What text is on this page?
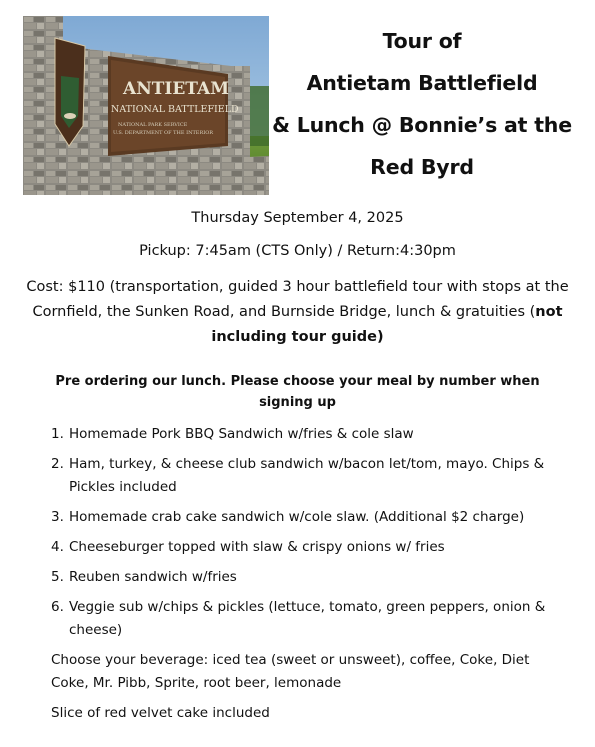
ANTIETAM
NATIONAL BATTLEFIELD
NATIONAL PARK SERVICE
U.S. DEPARTMENT OF THE INTERIOR
Tour of
Antietam Battlefield
& Lunch @ Bonnie’s at the
Red Byrd
Thursday September 4, 2025
Pickup: 7:45am (CTS Only) / Return:4:30pm
Cost: $110 (transportation, guided 3 hour battlefield tour with stops at the Cornfield, the Sunken Road, and Burnside Bridge, lunch & gratuities (not including tour guide)
Pre ordering our lunch. Please choose your meal by number when signing up
1. Homemade Pork BBQ Sandwich w/fries & cole slaw
2. Ham, turkey, & cheese club sandwich w/bacon let/tom, mayo. Chips & Pickles included
3. Homemade crab cake sandwich w/cole slaw. (Additional $2 charge)
4. Cheeseburger topped with slaw & crispy onions w/ fries
5. Reuben sandwich w/fries
6. Veggie sub w/chips & pickles (lettuce, tomato, green peppers, onion & cheese)
Choose your beverage: iced tea (sweet or unsweet), coffee, Coke, Diet Coke, Mr. Pibb, Sprite, root beer, lemonade
Slice of red velvet cake included
